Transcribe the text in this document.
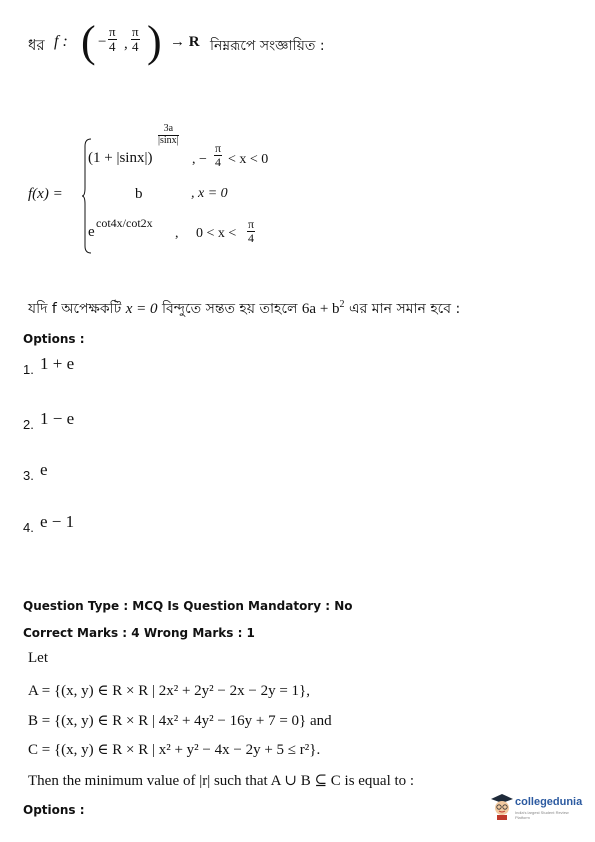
ধর f : ( − $\frac{\pi}{4}$ , $\frac{\pi}{4}$ ) → R নিম্নরূপে সংজ্ঞায়িত :
f(x) =
$\frac{3a}{|\sin x|}$
(1 + |sinx|)	, − $\frac{\pi}{4} < x < 0$
b	, x = 0
e
cot4x/cot2x
, $0 < x < \frac{\pi}{4}$
যদি f অপেক্ষকটি x = 0 বিন্দুতে সন্তত হয় তাহলে $6a + b^2$ এর মান সমান হবে :
Options :
1. 1 + e
2. 1 − e
3. e
4. e − 1
Question Type : MCQ Is Question Mandatory : No
Correct Marks : 4 Wrong Marks : 1
Let
A = {(x, y) ∈ R × R | 2x² + 2y² − 2x − 2y = 1},
B = {(x, y) ∈ R × R | 4x² + 4y² − 16y + 7 = 0} and
C = {(x, y) ∈ R × R | x² + y² − 4x − 2y + 5 ≤ r²}.
Then the minimum value of |r| such that A ∪ B ⊆ C is equal to :
Options :
collegedunia
India's largest Student Review Platform
